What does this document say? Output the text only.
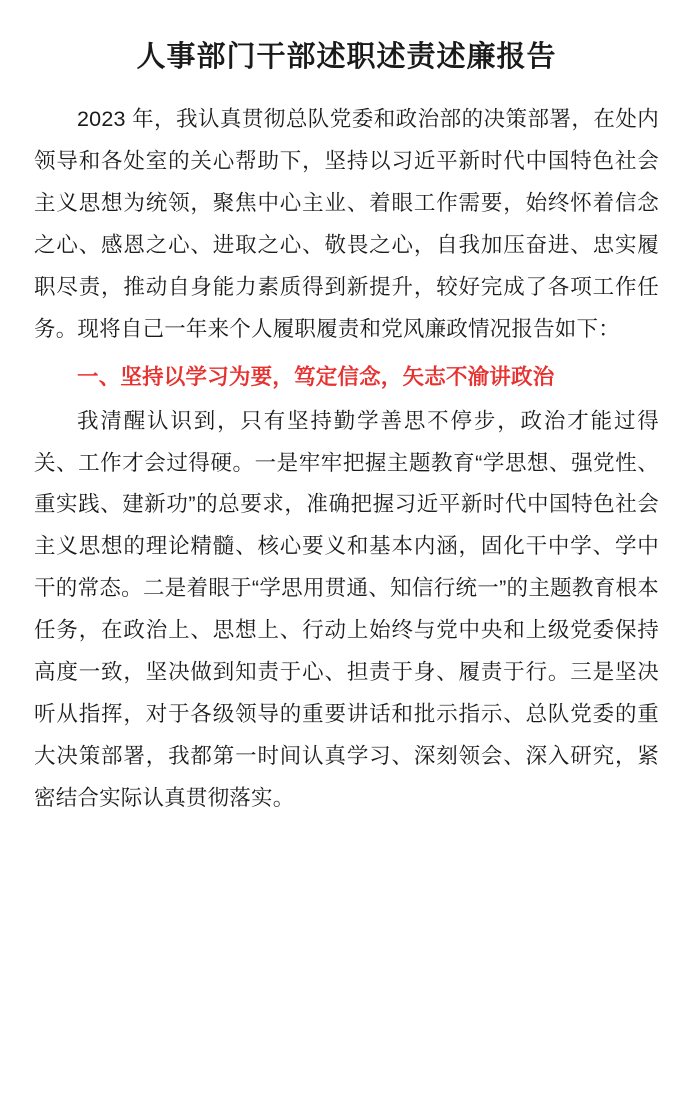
人事部门干部述职述责述廉报告

2023 年，我认真贯彻总队党委和政治部的决策部署，在处内领导和各处室的关心帮助下，坚持以习近平新时代中国特色社会主义思想为统领，聚焦中心主业、着眼工作需要，始终怀着信念之心、感恩之心、进取之心、敬畏之心，自我加压奋进、忠实履职尽责，推动自身能力素质得到新提升，较好完成了各项工作任务。现将自己一年来个人履职履责和党风廉政情况报告如下：

一、坚持以学习为要，笃定信念，矢志不渝讲政治

我清醒认识到，只有坚持勤学善思不停步，政治才能过得关、工作才会过得硬。一是牢牢把握主题教育“学思想、强党性、重实践、建新功”的总要求，准确把握习近平新时代中国特色社会主义思想的理论精髓、核心要义和基本内涵，固化干中学、学中干的常态。二是着眼于“学思用贯通、知信行统一”的主题教育根本任务，在政治上、思想上、行动上始终与党中央和上级党委保持高度一致，坚决做到知责于心、担责于身、履责于行。三是坚决听从指挥，对于各级领导的重要讲话和批示指示、总队党委的重大决策部署，我都第一时间认真学习、深刻领会、深入研究，紧密结合实际认真贯彻落实。
